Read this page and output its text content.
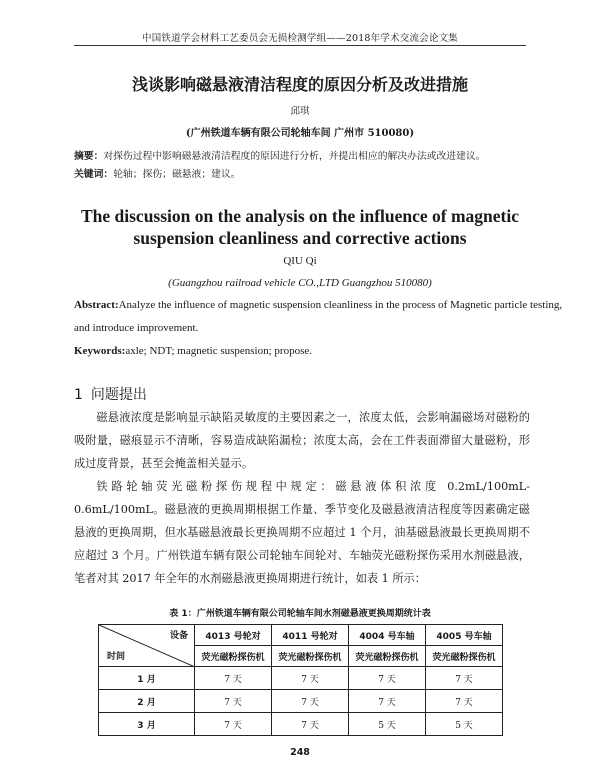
中国铁道学会材料工艺委员会无损检测学组——2018年学术交流会论文集
浅谈影响磁悬液清洁程度的原因分析及改进措施
邱琪
(广州铁道车辆有限公司轮轴车间 广州市 510080)
摘要：对探伤过程中影响磁悬液清洁程度的原因进行分析，并提出相应的解决办法或改进建议。
关键词：轮轴；探伤；磁悬液；建议。
The discussion on the analysis on the influence of magnetic
suspension cleanliness and corrective actions
QIU Qi
(Guangzhou railroad vehicle CO.,LTD Guangzhou 510080)
Abstract:Analyze the influence of magnetic suspension cleanliness in the process of Magnetic particle testing,
and introduce improvement.
Keywords:axle; NDT; magnetic suspension; propose.
1 问题提出

磁悬液浓度是影响显示缺陷灵敏度的主要因素之一，浓度太低，会影响漏磁场对磁粉的吸附量，磁痕显示不清晰，容易造成缺陷漏检；浓度太高，会在工件表面滞留大量磁粉，形成过度背景，甚至会掩盖相关显示。

铁路轮轴荧光磁粉探伤规程中规定：磁悬液体积浓度 0.2mL/100mL-0.6mL/100mL。磁悬液的更换周期根据工作量、季节变化及磁悬液清洁程度等因素确定磁悬液的更换周期，但水基磁悬液最长更换周期不应超过 1 个月，油基磁悬液最长更换周期不应超过 3 个月。广州铁道车辆有限公司轮轴车间轮对、车轴荧光磁粉探伤采用水剂磁悬液，笔者对其 2017 年全年的水剂磁悬液更换周期进行统计，如表 1 所示：

表 1：广州铁道车辆有限公司轮轴车间水剂磁悬液更换周期统计表
设备
时间	4013 号轮对	4011 号轮对	4004 号车轴	4005 号车轴
	荧光磁粉探伤机	荧光磁粉探伤机	荧光磁粉探伤机	荧光磁粉探伤机
1 月	7 天	7 天	7 天	7 天
2 月	7 天	7 天	7 天	7 天
3 月	7 天	7 天	5 天	5 天
248
